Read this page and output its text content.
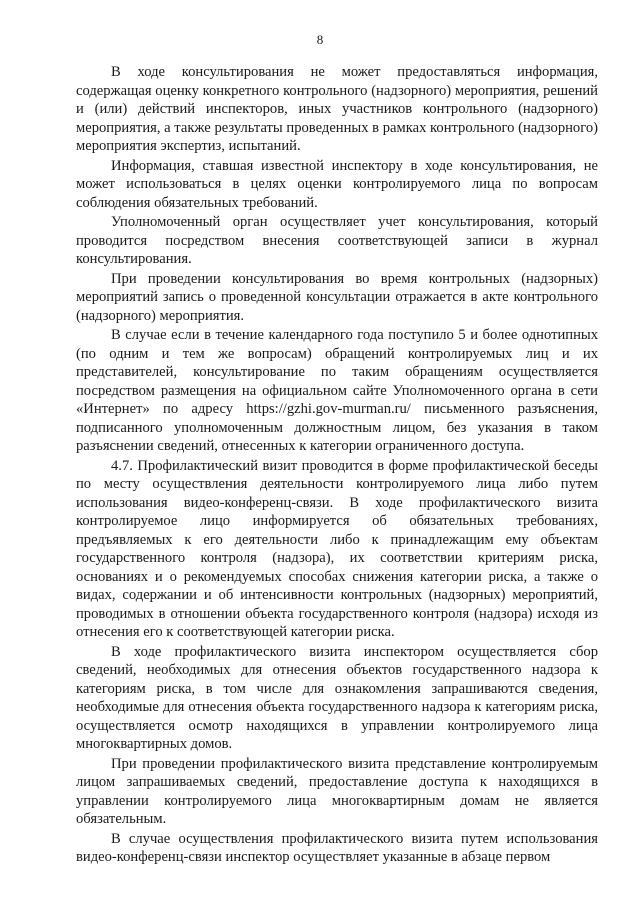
8

В ходе консультирования не может предоставляться информация, содержащая оценку конкретного контрольного (надзорного) мероприятия, решений и (или) действий инспекторов, иных участников контрольного (надзорного) мероприятия, а также результаты проведенных в рамках контрольного (надзорного) мероприятия экспертиз, испытаний.

Информация, ставшая известной инспектору в ходе консультирования, не может использоваться в целях оценки контролируемого лица по вопросам соблюдения обязательных требований.

Уполномоченный орган осуществляет учет консультирования, который проводится посредством внесения соответствующей записи в журнал консультирования.

При проведении консультирования во время контрольных (надзорных) мероприятий запись о проведенной консультации отражается в акте контрольного (надзорного) мероприятия.

В случае если в течение календарного года поступило 5 и более однотипных (по одним и тем же вопросам) обращений контролируемых лиц и их представителей, консультирование по таким обращениям осуществляется посредством размещения на официальном сайте Уполномоченного органа в сети «Интернет» по адресу https://gzhi.gov-murman.ru/ письменного разъяснения, подписанного уполномоченным должностным лицом, без указания в таком разъяснении сведений, отнесенных к категории ограниченного доступа.

4.7. Профилактический визит проводится в форме профилактической беседы по месту осуществления деятельности контролируемого лица либо путем использования видео-конференц-связи. В ходе профилактического визита контролируемое лицо информируется об обязательных требованиях, предъявляемых к его деятельности либо к принадлежащим ему объектам государственного контроля (надзора), их соответствии критериям риска, основаниях и о рекомендуемых способах снижения категории риска, а также о видах, содержании и об интенсивности контрольных (надзорных) мероприятий, проводимых в отношении объекта государственного контроля (надзора) исходя из отнесения его к соответствующей категории риска.

В ходе профилактического визита инспектором осуществляется сбор сведений, необходимых для отнесения объектов государственного надзора к категориям риска, в том числе для ознакомления запрашиваются сведения, необходимые для отнесения объекта государственного надзора к категориям риска, осуществляется осмотр находящихся в управлении контролируемого лица многоквартирных домов.

При проведении профилактического визита представление контролируемым лицом запрашиваемых сведений, предоставление доступа к находящихся в управлении контролируемого лица многоквартирным домам не является обязательным.

В случае осуществления профилактического визита путем использования видео-конференц-связи инспектор осуществляет указанные в абзаце первом
